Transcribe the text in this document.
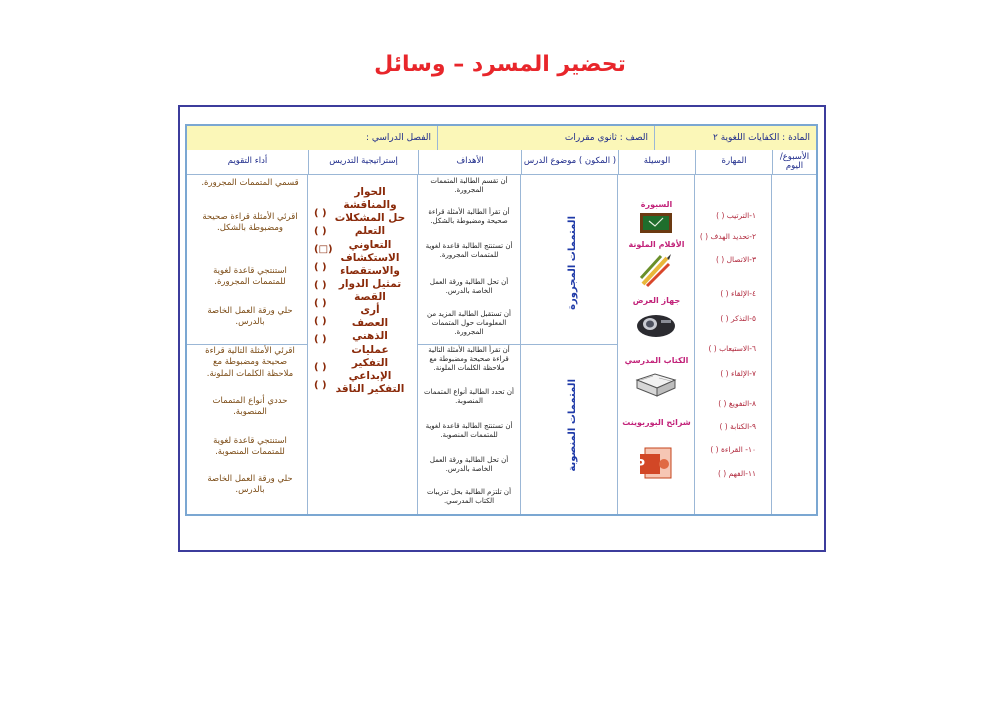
تحضير المسرد – وسائل
المادة : الكفايات اللغوية ٢
الصف : ثانوي مقررات
الفصل الدراسي :
الأسبوع/اليوم
المهارة
الوسيلة
( المكون ) موضوع الدرس
الأهداف
إستراتيجية التدريس
أداء التقويم
١-الترتيب ( )
٢-تحديد الهدف ( )
٣-الاتصال ( )
٤-الإلقاء ( )
٥-التذكر ( )
٦-الاستيعاب ( )
٧-الإلقاء ( )
٨-التفويغ ( )
٩-الكتابة ( )
١٠- القراءة ( )
١١-الفهم ( )
السبورة
الأقلام الملونة
جهاز العرض
الكتاب المدرسي
شرائح البوربوينت
P
المتممات المجرورة
المتممات المنصوبة
أن تقسم الطالبة المتممات المجرورة.
أن تقرأ الطالبة الأمثلة قراءة صحيحة ومضبوطة بالشكل.
أن تستنتج الطالبة قاعدة لغوية للمتممات المجرورة.
أن تحل الطالبة ورقة العمل الخاصة بالدرس.
أن تستقبل الطالبة المزيد من المعلومات حول المتممات المجرورة.
أن تقرأ الطالبة الأمثلة التالية قراءة صحيحة ومضبوطة مع ملاحظة الكلمات الملونة.
أن تحدد الطالبة أنواع المتممات المنصوبة.
أن تستنتج الطالبة قاعدة لغوية للمتممات المنصوبة.
أن تحل الطالبة ورقة العمل الخاصة بالدرس.
أن تلتزم الطالبة بحل تدريبات الكتاب المدرسي.
الحوار والمناقشة
حل المشكلات
التعلم التعاوني
الاستكشاف والاستقصاء
تمثيل الدوار
القصة
أرى
العصف الذهني
عمليات التفكير الإبداعي
التفكير الناقد
( )
( )
(□)
( )
( )
( )
( )
( )
( )
( )
قسمي المتممات المجرورة.
اقرئي الأمثلة قراءة صحيحة ومضبوطة بالشكل.
استنتجي قاعدة لغوية للمتممات المجرورة.
حلي ورقة العمل الخاصة بالدرس.
اقرئي الأمثلة التالية قراءة صحيحة ومضبوطة مع ملاحظة الكلمات الملونة.
حددي أنواع المتممات المنصوبة.
استنتجي قاعدة لغوية للمتممات المنصوبة.
حلي ورقة العمل الخاصة بالدرس.
